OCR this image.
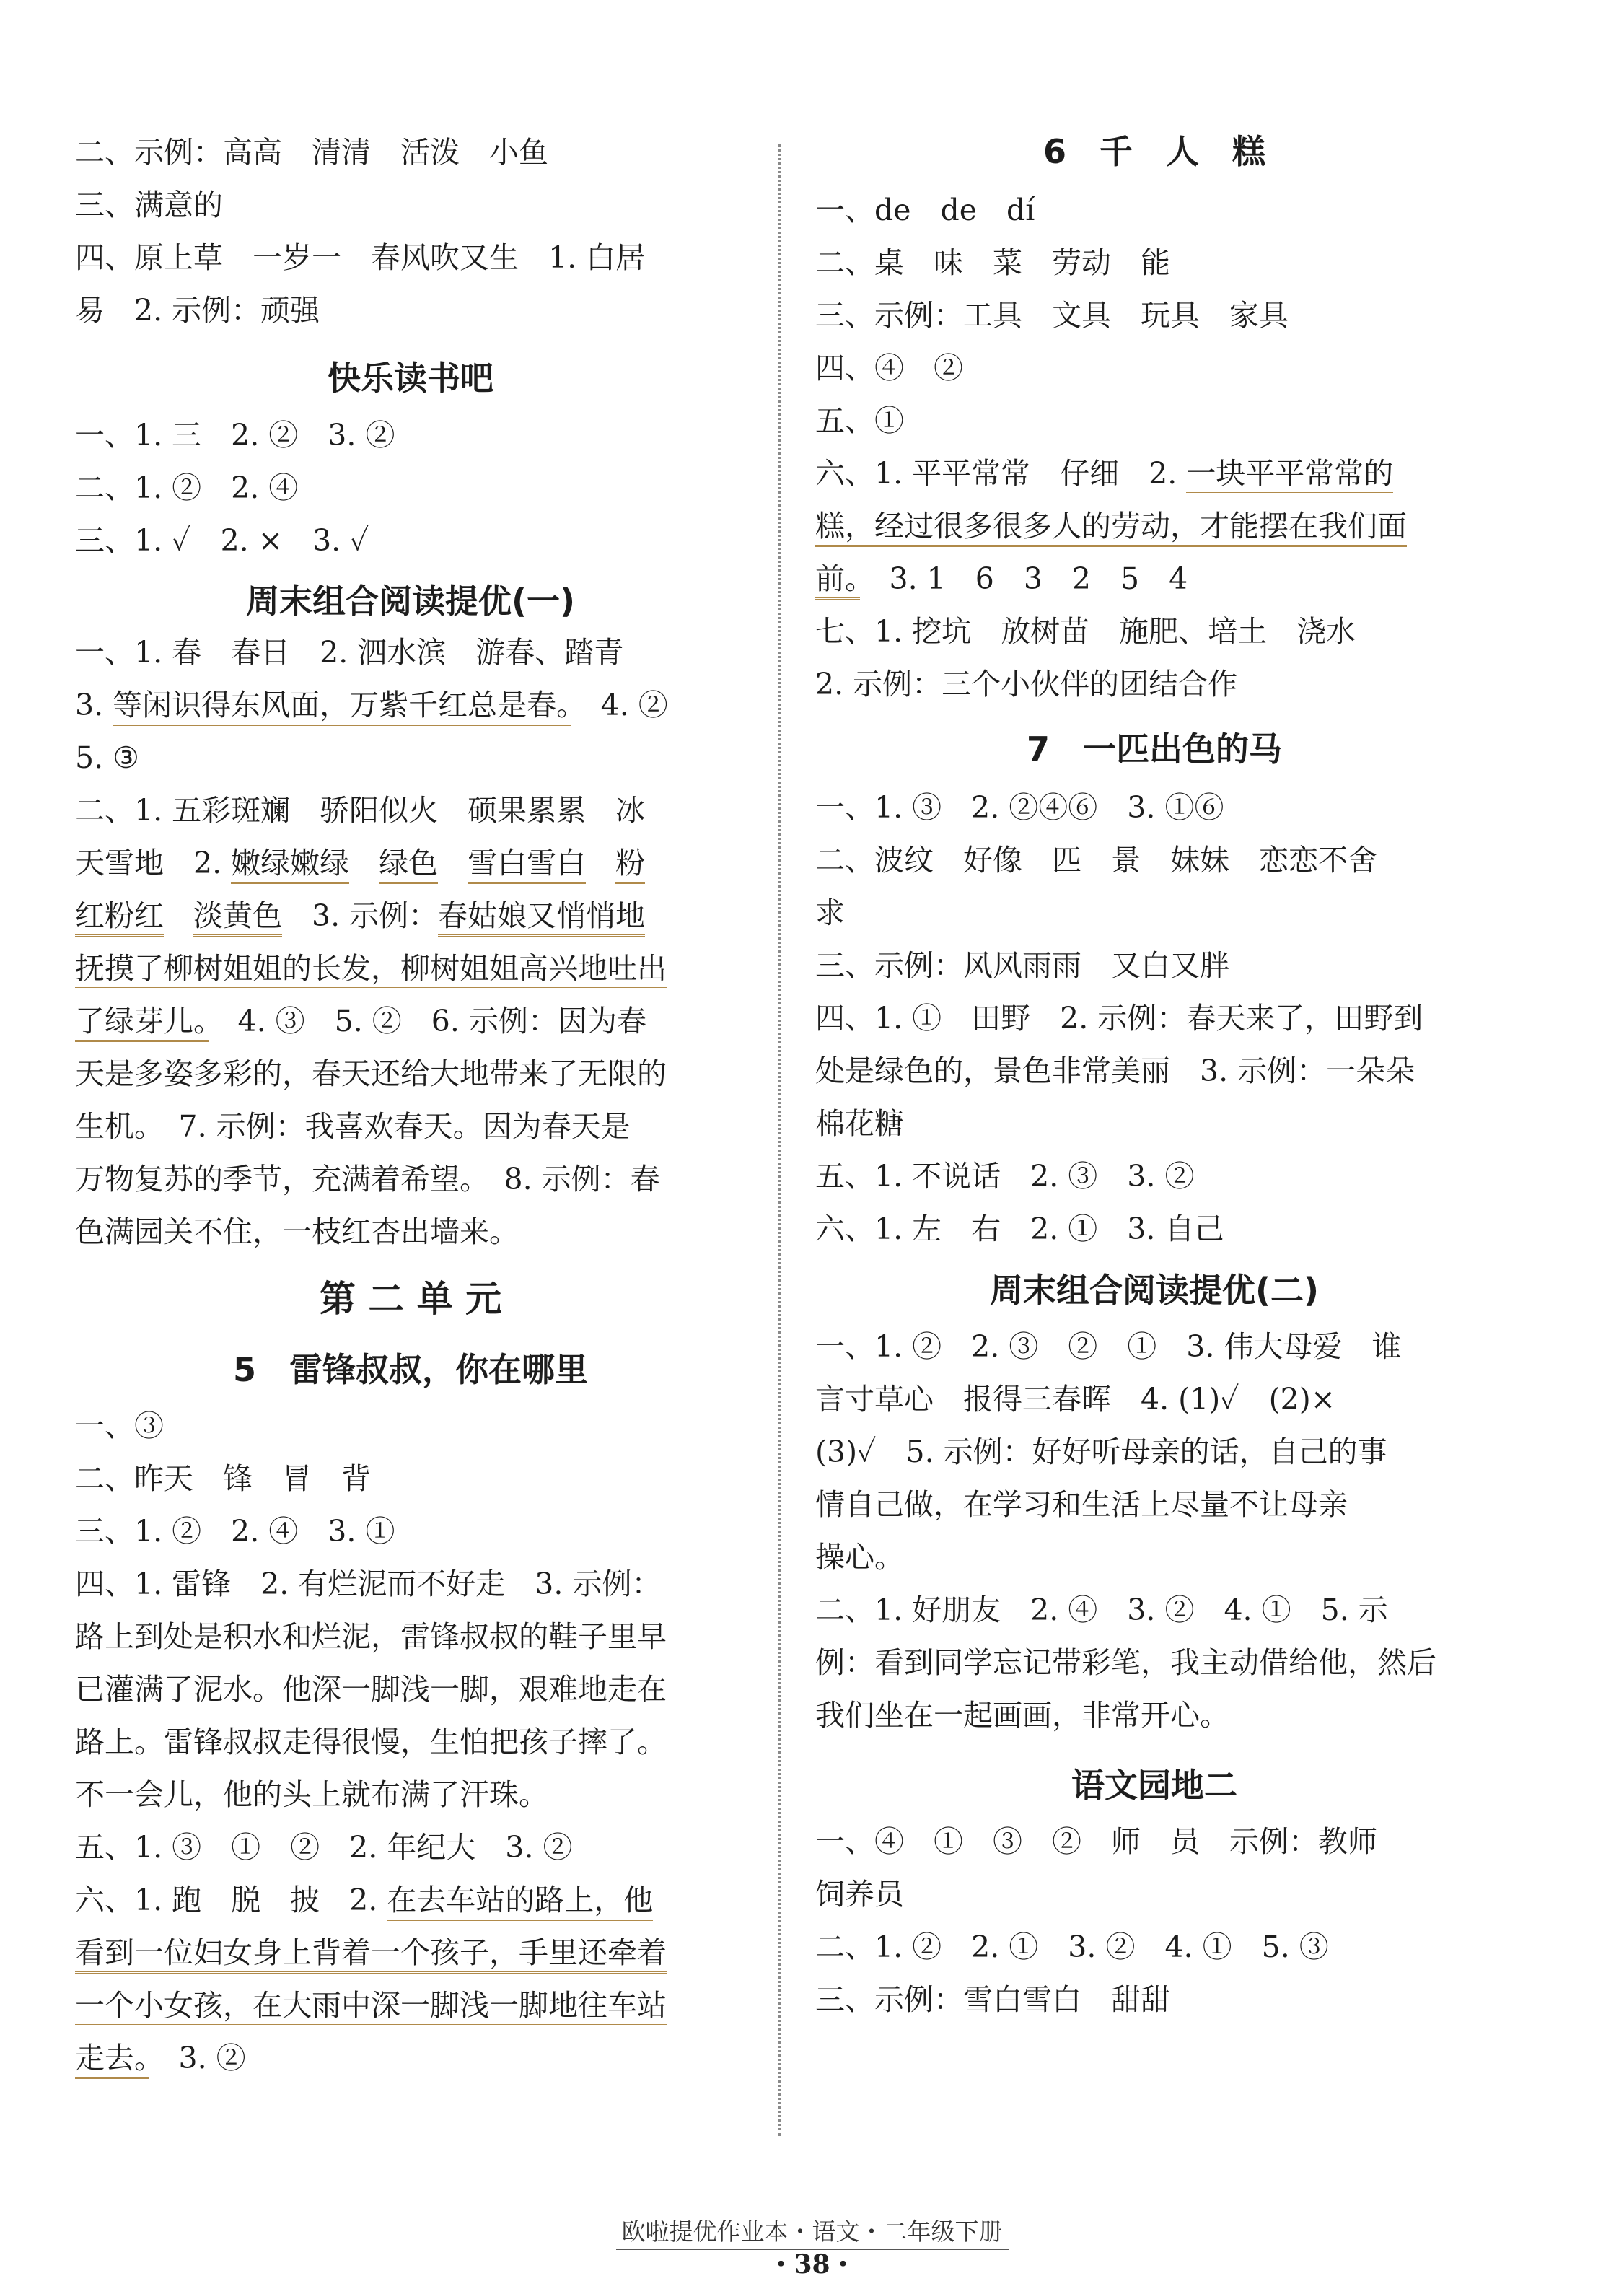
二、示例：高高　清清　活泼　小鱼
三、满意的
四、原上草　一岁一　春风吹又生　1. 白居
易　2. 示例：顽强
快乐读书吧
一、1. 三　2. ②　3. ②
二、1. ②　2. ④
三、1. ✓　2. ×　3. ✓
周末组合阅读提优(一)
一、1. 春　春日　2. 泗水滨　游春、踏青
3. 等闲识得东风面，万紫千红总是春。　4. ②
5. ③
二、1. 五彩斑斓　骄阳似火　硕果累累　冰
天雪地　2. 嫩绿嫩绿　 绿色　 雪白雪白　 粉
红粉红　 淡黄色　3. 示例：春姑娘又悄悄地
抚摸了柳树姐姐的长发，柳树姐姐高兴地吐出
了绿芽儿。　4. ③　5. ②　6. 示例：因为春
天是多姿多彩的，春天还给大地带来了无限的
生机。　7. 示例：我喜欢春天。因为春天是
万物复苏的季节，充满着希望。　8. 示例：春
色满园关不住，一枝红杏出墙来。
第 二 单 元
5　雷锋叔叔，你在哪里
一、③
二、昨天　锋　冒　背
三、1. ②　2. ④　3. ①
四、1. 雷锋　2. 有烂泥而不好走　3. 示例：
路上到处是积水和烂泥，雷锋叔叔的鞋子里早
已灌满了泥水。他深一脚浅一脚，艰难地走在
路上。雷锋叔叔走得很慢，生怕把孩子摔了。
不一会儿，他的头上就布满了汗珠。
五、1. ③　①　②　2. 年纪大　3. ②
六、1. 跑　脱　披　2. 在去车站的路上，他
看到一位妇女身上背着一个孩子，手里还牵着
一个小女孩，在大雨中深一脚浅一脚地往车站
走去。　3. ②
6　千　人　糕
一、de　de　dí
二、桌　味　菜　劳动　能
三、示例：工具　文具　玩具　家具
四、④　②
五、①
六、1. 平平常常　仔细　2. 一块平平常常的
糕，经过很多很多人的劳动，才能摆在我们面
前。　3. 1　6　3　2　5　4
七、1. 挖坑　放树苗　施肥、培土　浇水
2. 示例：三个小伙伴的团结合作
7　一匹出色的马
一、1. ③　2. ②④⑥　3. ①⑥
二、波纹　好像　匹　景　妹妹　恋恋不舍
求
三、示例：风风雨雨　又白又胖
四、1. ①　田野　2. 示例：春天来了，田野到
处是绿色的，景色非常美丽　3. 示例：一朵朵
棉花糖
五、1. 不说话　2. ③　3. ②
六、1. 左　右　2. ①　3. 自己
周末组合阅读提优(二)
一、1. ②　2. ③　②　①　3. 伟大母爱　谁
言寸草心　报得三春晖　4. (1)✓　(2)×
(3)✓　5. 示例：好好听母亲的话，自己的事
情自己做，在学习和生活上尽量不让母亲
操心。
二、1. 好朋友　2. ④　3. ②　4. ①　5. 示
例：看到同学忘记带彩笔，我主动借给他，然后
我们坐在一起画画，非常开心。
语文园地二
一、④　①　③　②　师　员　示例：教师
饲养员
二、1. ②　2. ①　3. ②　4. ①　5. ③
三、示例：雪白雪白　甜甜
欧啦提优作业本・语文・二年级下册
・38・
